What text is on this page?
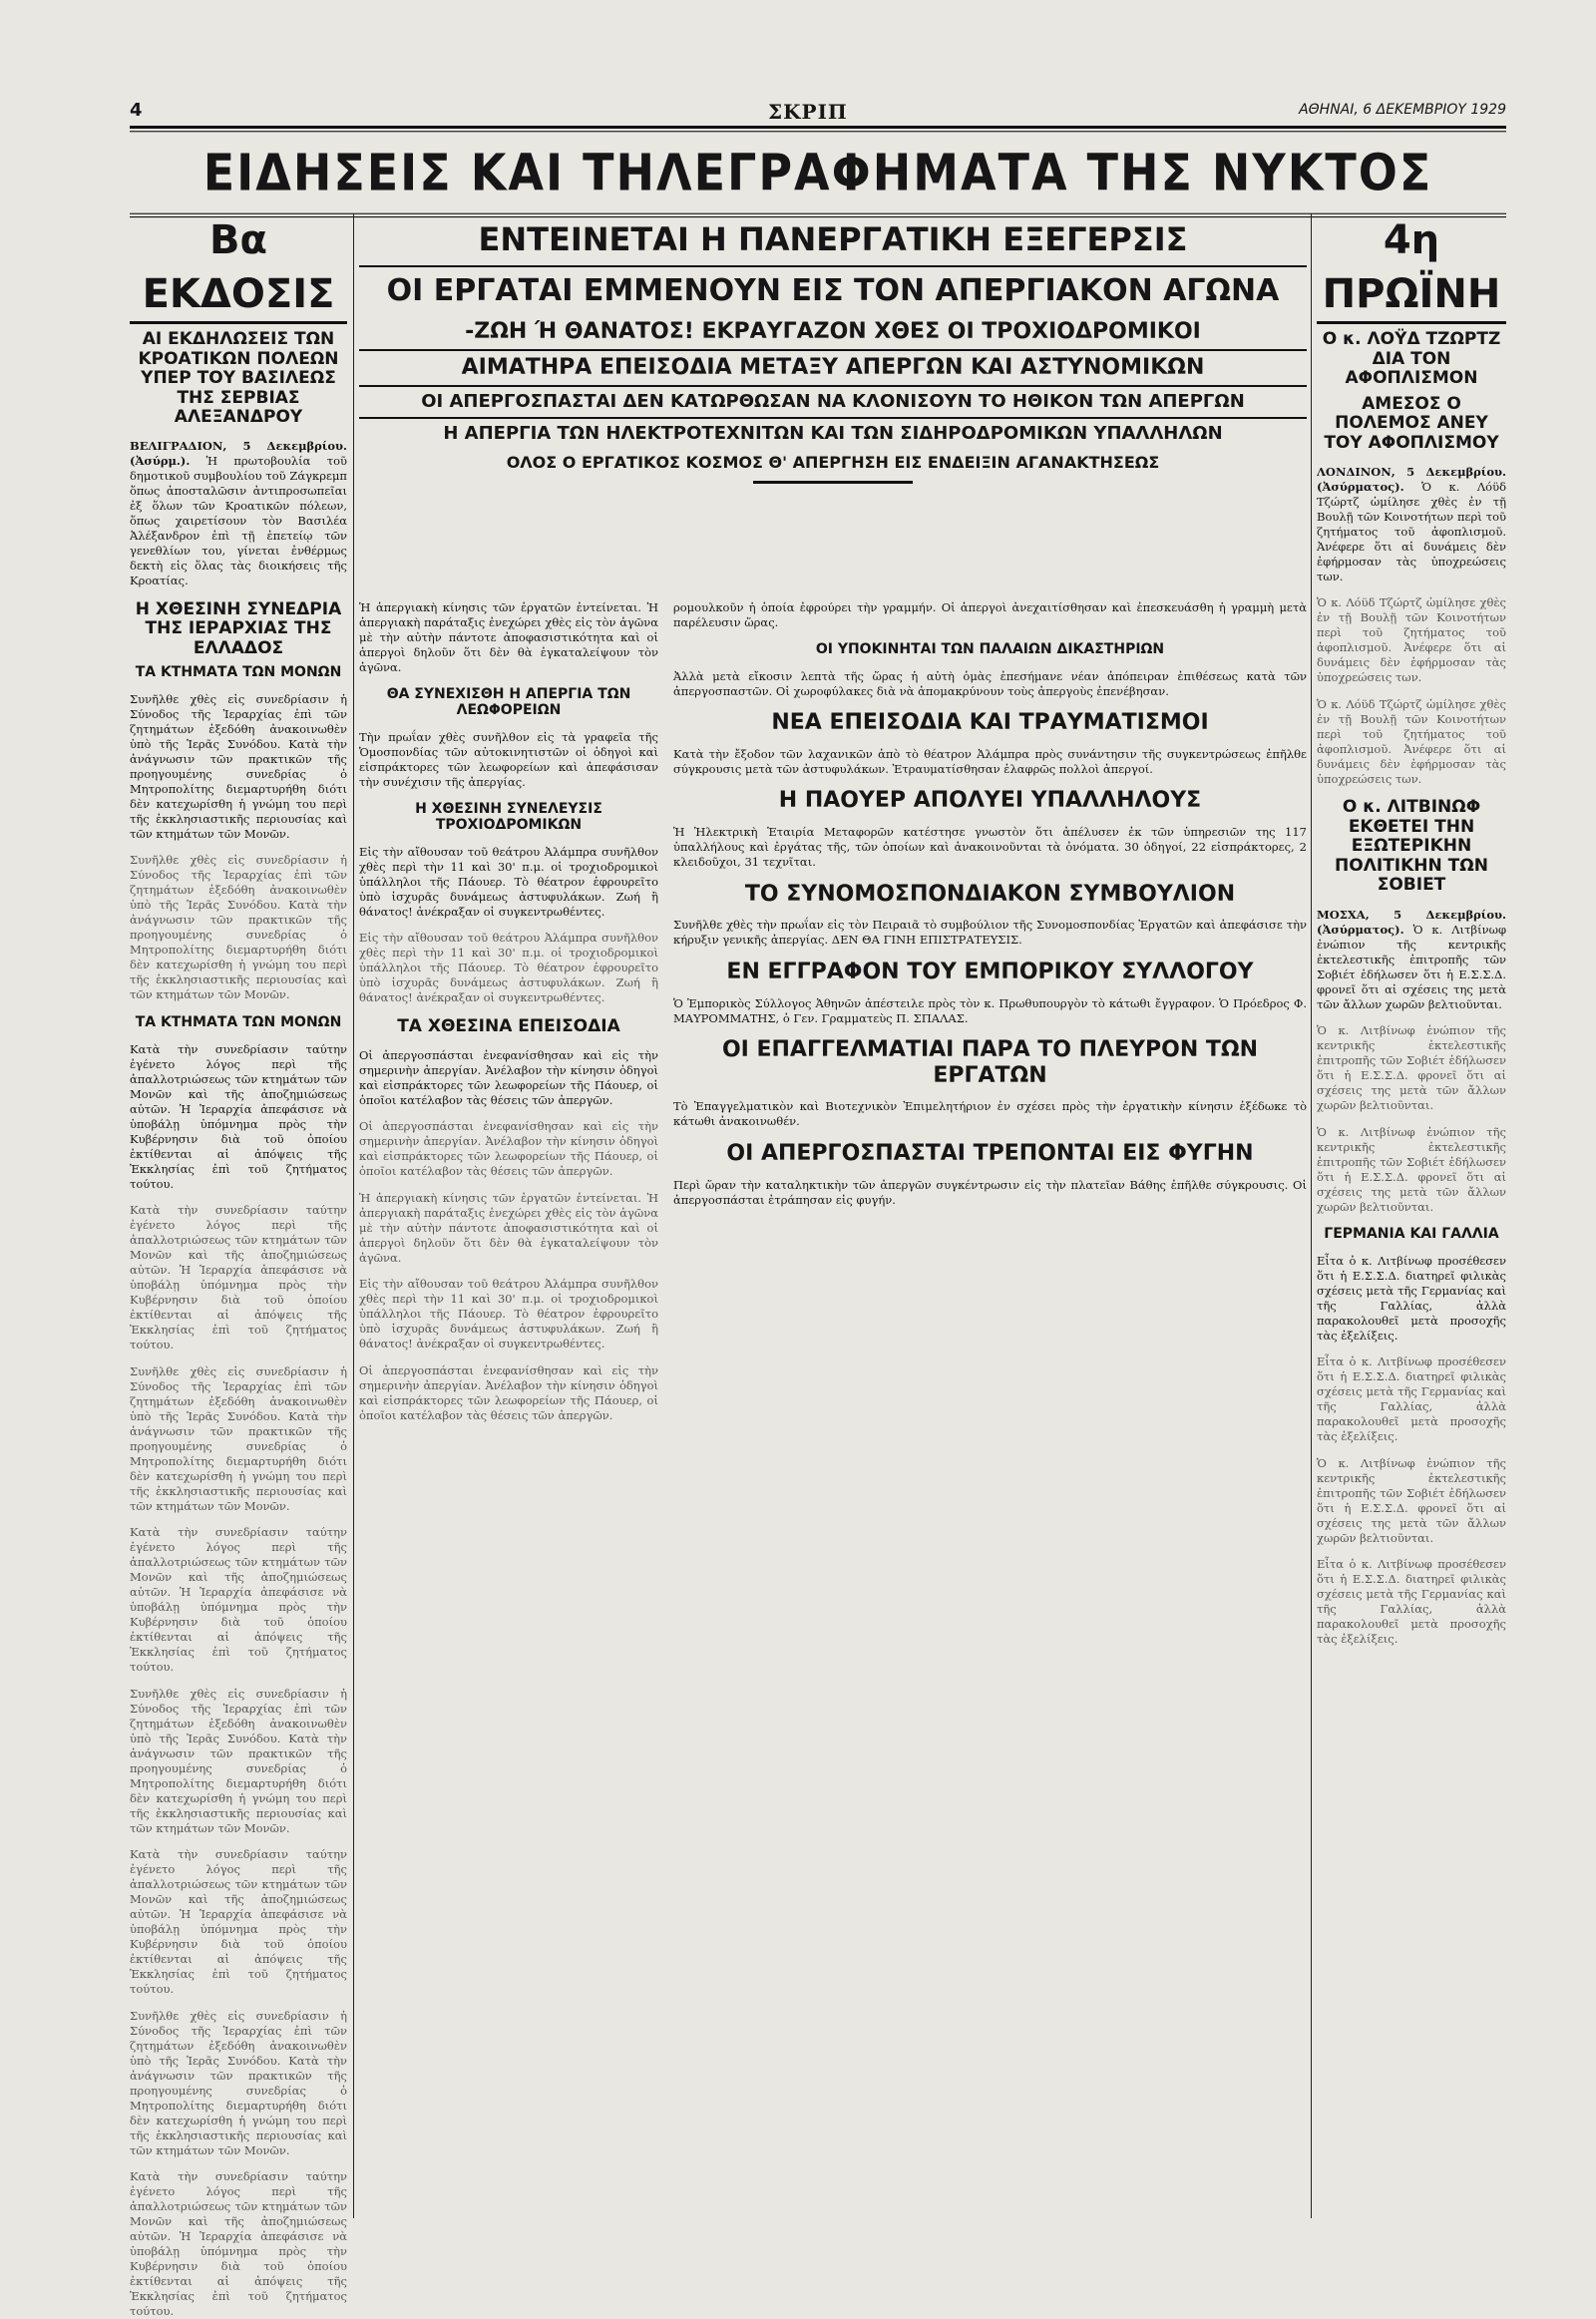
4	ΣΚΡΙΠ	ΑΘΗΝΑΙ, 6 ΔΕΚΕΜΒΡΙΟΥ 1929
ΕΙΔΗΣΕΙΣ ΚΑΙ ΤΗΛΕΓΡΑΦΗΜΑΤΑ ΤΗΣ ΝΥΚΤΟΣ
Βα ΕΚΔΟΣΙΣ
ΑΙ ΕΚΔΗΛΩΣΕΙΣ ΤΩΝ ΚΡΟΑΤΙΚΩΝ ΠΟΛΕΩΝ ΥΠΕΡ ΤΟΥ ΒΑΣΙΛΕΩΣ ΤΗΣ ΣΕΡΒΙΑΣ ΑΛΕΞΑΝΔΡΟΥ

ΒΕΛΙΓΡΑΔΙΟΝ, 5 Δεκεμβρίου. (Ἀσύρμ.). Ἡ πρωτοβουλία τοῦ δημοτικοῦ συμβουλίου τοῦ Ζάγκρεμπ ὅπως ἀποσταλῶσιν ἀντιπροσωπεῖαι ἐξ ὅλων τῶν Κροατικῶν πόλεων, ὅπως χαιρετίσουν τὸν Βασιλέα Ἀλέξανδρον ἐπὶ τῇ ἐπετείῳ τῶν γενεθλίων του, γίνεται ἐνθέρμως δεκτὴ εἰς ὅλας τὰς διοικήσεις τῆς Κροατίας.

Η ΧΘΕΣΙΝΗ ΣΥΝΕΔΡΙΑ ΤΗΣ ΙΕΡΑΡΧΙΑΣ ΤΗΣ ΕΛΛΑΔΟΣ
ΤΑ ΚΤΗΜΑΤΑ ΤΩΝ ΜΟΝΩΝ

Συνῆλθε χθὲς εἰς συνεδρίασιν ἡ Σύνοδος τῆς Ἱεραρχίας ἐπὶ τῶν ζητημάτων ἐξεδόθη ἀνακοινωθὲν ὑπὸ τῆς Ἱερᾶς Συνόδου. Κατὰ τὴν ἀνάγνωσιν τῶν πρακτικῶν τῆς προηγουμένης συνεδρίας ὁ Μητροπολίτης διεμαρτυρήθη διότι δὲν κατεχωρίσθη ἡ γνώμη του περὶ τῆς ἐκκλησιαστικῆς περιουσίας καὶ τῶν κτημάτων τῶν Μονῶν.

Συνῆλθε χθὲς εἰς συνεδρίασιν ἡ Σύνοδος τῆς Ἱεραρχίας ἐπὶ τῶν ζητημάτων ἐξεδόθη ἀνακοινωθὲν ὑπὸ τῆς Ἱερᾶς Συνόδου. Κατὰ τὴν ἀνάγνωσιν τῶν πρακτικῶν τῆς προηγουμένης συνεδρίας ὁ Μητροπολίτης διεμαρτυρήθη διότι δὲν κατεχωρίσθη ἡ γνώμη του περὶ τῆς ἐκκλησιαστικῆς περιουσίας καὶ τῶν κτημάτων τῶν Μονῶν.

ΤΑ ΚΤΗΜΑΤΑ ΤΩΝ ΜΟΝΩΝ

Κατὰ τὴν συνεδρίασιν ταύτην ἐγένετο λόγος περὶ τῆς ἀπαλλοτριώσεως τῶν κτημάτων τῶν Μονῶν καὶ τῆς ἀποζημιώσεως αὐτῶν. Ἡ Ἱεραρχία ἀπεφάσισε νὰ ὑποβάλῃ ὑπόμνημα πρὸς τὴν Κυβέρνησιν διὰ τοῦ ὁποίου ἐκτίθενται αἱ ἀπόψεις τῆς Ἐκκλησίας ἐπὶ τοῦ ζητήματος τούτου.

Κατὰ τὴν συνεδρίασιν ταύτην ἐγένετο λόγος περὶ τῆς ἀπαλλοτριώσεως τῶν κτημάτων τῶν Μονῶν καὶ τῆς ἀποζημιώσεως αὐτῶν. Ἡ Ἱεραρχία ἀπεφάσισε νὰ ὑποβάλῃ ὑπόμνημα πρὸς τὴν Κυβέρνησιν διὰ τοῦ ὁποίου ἐκτίθενται αἱ ἀπόψεις τῆς Ἐκκλησίας ἐπὶ τοῦ ζητήματος τούτου.

Συνῆλθε χθὲς εἰς συνεδρίασιν ἡ Σύνοδος τῆς Ἱεραρχίας ἐπὶ τῶν ζητημάτων ἐξεδόθη ἀνακοινωθὲν ὑπὸ τῆς Ἱερᾶς Συνόδου. Κατὰ τὴν ἀνάγνωσιν τῶν πρακτικῶν τῆς προηγουμένης συνεδρίας ὁ Μητροπολίτης διεμαρτυρήθη διότι δὲν κατεχωρίσθη ἡ γνώμη του περὶ τῆς ἐκκλησιαστικῆς περιουσίας καὶ τῶν κτημάτων τῶν Μονῶν.

Κατὰ τὴν συνεδρίασιν ταύτην ἐγένετο λόγος περὶ τῆς ἀπαλλοτριώσεως τῶν κτημάτων τῶν Μονῶν καὶ τῆς ἀποζημιώσεως αὐτῶν. Ἡ Ἱεραρχία ἀπεφάσισε νὰ ὑποβάλῃ ὑπόμνημα πρὸς τὴν Κυβέρνησιν διὰ τοῦ ὁποίου ἐκτίθενται αἱ ἀπόψεις τῆς Ἐκκλησίας ἐπὶ τοῦ ζητήματος τούτου.

Συνῆλθε χθὲς εἰς συνεδρίασιν ἡ Σύνοδος τῆς Ἱεραρχίας ἐπὶ τῶν ζητημάτων ἐξεδόθη ἀνακοινωθὲν ὑπὸ τῆς Ἱερᾶς Συνόδου. Κατὰ τὴν ἀνάγνωσιν τῶν πρακτικῶν τῆς προηγουμένης συνεδρίας ὁ Μητροπολίτης διεμαρτυρήθη διότι δὲν κατεχωρίσθη ἡ γνώμη του περὶ τῆς ἐκκλησιαστικῆς περιουσίας καὶ τῶν κτημάτων τῶν Μονῶν.

Κατὰ τὴν συνεδρίασιν ταύτην ἐγένετο λόγος περὶ τῆς ἀπαλλοτριώσεως τῶν κτημάτων τῶν Μονῶν καὶ τῆς ἀποζημιώσεως αὐτῶν. Ἡ Ἱεραρχία ἀπεφάσισε νὰ ὑποβάλῃ ὑπόμνημα πρὸς τὴν Κυβέρνησιν διὰ τοῦ ὁποίου ἐκτίθενται αἱ ἀπόψεις τῆς Ἐκκλησίας ἐπὶ τοῦ ζητήματος τούτου.

Συνῆλθε χθὲς εἰς συνεδρίασιν ἡ Σύνοδος τῆς Ἱεραρχίας ἐπὶ τῶν ζητημάτων ἐξεδόθη ἀνακοινωθὲν ὑπὸ τῆς Ἱερᾶς Συνόδου. Κατὰ τὴν ἀνάγνωσιν τῶν πρακτικῶν τῆς προηγουμένης συνεδρίας ὁ Μητροπολίτης διεμαρτυρήθη διότι δὲν κατεχωρίσθη ἡ γνώμη του περὶ τῆς ἐκκλησιαστικῆς περιουσίας καὶ τῶν κτημάτων τῶν Μονῶν.

Κατὰ τὴν συνεδρίασιν ταύτην ἐγένετο λόγος περὶ τῆς ἀπαλλοτριώσεως τῶν κτημάτων τῶν Μονῶν καὶ τῆς ἀποζημιώσεως αὐτῶν. Ἡ Ἱεραρχία ἀπεφάσισε νὰ ὑποβάλῃ ὑπόμνημα πρὸς τὴν Κυβέρνησιν διὰ τοῦ ὁποίου ἐκτίθενται αἱ ἀπόψεις τῆς Ἐκκλησίας ἐπὶ τοῦ ζητήματος τούτου.

ΕΝΤΕΙΝΕΤΑΙ Η ΠΑΝΕΡΓΑΤΙΚΗ ΕΞΕΓΕΡΣΙΣ
ΟΙ ΕΡΓΑΤΑΙ ΕΜΜΕΝΟΥΝ ΕΙΣ ΤΟΝ ΑΠΕΡΓΙΑΚΟΝ ΑΓΩΝΑ
-ΖΩΗ Ή ΘΑΝΑΤΟΣ! ΕΚΡΑΥΓΑΖΟΝ ΧΘΕΣ ΟΙ ΤΡΟΧΙΟΔΡΟΜΙΚΟΙ
ΑΙΜΑΤΗΡΑ ΕΠΕΙΣΟΔΙΑ ΜΕΤΑΞΥ ΑΠΕΡΓΩΝ ΚΑΙ ΑΣΤΥΝΟΜΙΚΩΝ
ΟΙ ΑΠΕΡΓΟΣΠΑΣΤΑΙ ΔΕΝ ΚΑΤΩΡΘΩΣΑΝ ΝΑ ΚΛΟΝΙΣΟΥΝ ΤΟ ΗΘΙΚΟΝ ΤΩΝ ΑΠΕΡΓΩΝ
Η ΑΠΕΡΓΙΑ ΤΩΝ ΗΛΕΚΤΡΟΤΕΧΝΙΤΩΝ ΚΑΙ ΤΩΝ ΣΙΔΗΡΟΔΡΟΜΙΚΩΝ ΥΠΑΛΛΗΛΩΝ
ΟΛΟΣ Ο ΕΡΓΑΤΙΚΟΣ ΚΟΣΜΟΣ Θ' ΑΠΕΡΓΗΣΗ ΕΙΣ ΕΝΔΕΙΞΙΝ ΑΓΑΝΑΚΤΗΣΕΩΣ

Ἡ ἀπεργιακὴ κίνησις τῶν ἐργατῶν ἐντείνεται. Ἡ ἀπεργιακὴ παράταξις ἐνεχώρει χθὲς εἰς τὸν ἀγῶνα μὲ τὴν αὐτὴν πάντοτε ἀποφασιστικότητα καὶ οἱ ἀπεργοὶ δηλοῦν ὅτι δὲν θὰ ἐγκαταλείψουν τὸν ἀγῶνα.

ΘΑ ΣΥΝΕΧΙΣΘΗ Η ΑΠΕΡΓΙΑ ΤΩΝ ΛΕΩΦΟΡΕΙΩΝ

Τὴν πρωΐαν χθὲς συνῆλθον εἰς τὰ γραφεῖα τῆς Ὁμοσπονδίας τῶν αὐτοκινητιστῶν οἱ ὁδηγοὶ καὶ εἰσπράκτορες τῶν λεωφορείων καὶ ἀπεφάσισαν τὴν συνέχισιν τῆς ἀπεργίας.

Η ΧΘΕΣΙΝΗ ΣΥΝΕΛΕΥΣΙΣ ΤΡΟΧΙΟΔΡΟΜΙΚΩΝ

Εἰς τὴν αἴθουσαν τοῦ θεάτρου Ἀλάμπρα συνῆλθον χθὲς περὶ τὴν 11 καὶ 30' π.μ. οἱ τροχιοδρομικοὶ ὑπάλληλοι τῆς Πάουερ. Τὸ θέατρον ἐφρουρεῖτο ὑπὸ ἰσχυρᾶς δυνάμεως ἀστυφυλάκων. Ζωή ἢ θάνατος! ἀνέκραξαν οἱ συγκεντρωθέντες.

Εἰς τὴν αἴθουσαν τοῦ θεάτρου Ἀλάμπρα συνῆλθον χθὲς περὶ τὴν 11 καὶ 30' π.μ. οἱ τροχιοδρομικοὶ ὑπάλληλοι τῆς Πάουερ. Τὸ θέατρον ἐφρουρεῖτο ὑπὸ ἰσχυρᾶς δυνάμεως ἀστυφυλάκων. Ζωή ἢ θάνατος! ἀνέκραξαν οἱ συγκεντρωθέντες.

ΤΑ ΧΘΕΣΙΝΑ ΕΠΕΙΣΟΔΙΑ

Οἱ ἀπεργοσπάσται ἐνεφανίσθησαν καὶ εἰς τὴν σημερινὴν ἀπεργίαν. Ἀνέλαβον τὴν κίνησιν ὁδηγοὶ καὶ εἰσπράκτορες τῶν λεωφορείων τῆς Πάουερ, οἱ ὁποῖοι κατέλαβον τὰς θέσεις τῶν ἀπεργῶν.

Οἱ ἀπεργοσπάσται ἐνεφανίσθησαν καὶ εἰς τὴν σημερινὴν ἀπεργίαν. Ἀνέλαβον τὴν κίνησιν ὁδηγοὶ καὶ εἰσπράκτορες τῶν λεωφορείων τῆς Πάουερ, οἱ ὁποῖοι κατέλαβον τὰς θέσεις τῶν ἀπεργῶν.

Ἡ ἀπεργιακὴ κίνησις τῶν ἐργατῶν ἐντείνεται. Ἡ ἀπεργιακὴ παράταξις ἐνεχώρει χθὲς εἰς τὸν ἀγῶνα μὲ τὴν αὐτὴν πάντοτε ἀποφασιστικότητα καὶ οἱ ἀπεργοὶ δηλοῦν ὅτι δὲν θὰ ἐγκαταλείψουν τὸν ἀγῶνα.

Εἰς τὴν αἴθουσαν τοῦ θεάτρου Ἀλάμπρα συνῆλθον χθὲς περὶ τὴν 11 καὶ 30' π.μ. οἱ τροχιοδρομικοὶ ὑπάλληλοι τῆς Πάουερ. Τὸ θέατρον ἐφρουρεῖτο ὑπὸ ἰσχυρᾶς δυνάμεως ἀστυφυλάκων. Ζωή ἢ θάνατος! ἀνέκραξαν οἱ συγκεντρωθέντες.

Οἱ ἀπεργοσπάσται ἐνεφανίσθησαν καὶ εἰς τὴν σημερινὴν ἀπεργίαν. Ἀνέλαβον τὴν κίνησιν ὁδηγοὶ καὶ εἰσπράκτορες τῶν λεωφορείων τῆς Πάουερ, οἱ ὁποῖοι κατέλαβον τὰς θέσεις τῶν ἀπεργῶν.

ρομουλκοῦν ἡ ὁποία ἐφρούρει τὴν γραμμήν. Οἱ ἀπεργοὶ ἀνεχαιτίσθησαν καὶ ἐπεσκευάσθη ἡ γραμμὴ μετὰ παρέλευσιν ὥρας.

ΟΙ ΥΠΟΚΙΝΗΤΑΙ ΤΩΝ ΠΑΛΑΙΩΝ ΔΙΚΑΣΤΗΡΙΩΝ

Ἀλλὰ μετὰ εἴκοσιν λεπτὰ τῆς ὥρας ἡ αὐτὴ ὁμὰς ἐπεσήμανε νέαν ἀπόπειραν ἐπιθέσεως κατὰ τῶν ἀπεργοσπαστῶν. Οἱ χωροφύλακες διὰ νὰ ἀπομακρύνουν τοὺς ἀπεργοὺς ἐπενέβησαν.

ΝΕΑ ΕΠΕΙΣΟΔΙΑ ΚΑΙ ΤΡΑΥΜΑΤΙΣΜΟΙ

Κατὰ τὴν ἔξοδον τῶν λαχανικῶν ἀπὸ τὸ θέατρον Ἀλάμπρα πρὸς συνάντησιν τῆς συγκεντρώσεως ἐπῆλθε σύγκρουσις μετὰ τῶν ἀστυφυλάκων. Ἐτραυματίσθησαν ἐλαφρῶς πολλοὶ ἀπεργοί.

Η ΠΑΟΥΕΡ ΑΠΟΛΥΕΙ ΥΠΑΛΛΗΛΟΥΣ

Ἡ Ἠλεκτρικὴ Ἑταιρία Μεταφορῶν κατέστησε γνωστὸν ὅτι ἀπέλυσεν ἐκ τῶν ὑπηρεσιῶν της 117 ὑπαλλήλους καὶ ἐργάτας τῆς, τῶν ὁποίων καὶ ἀνακοινοῦνται τὰ ὀνόματα. 30 ὁδηγοί, 22 εἰσπράκτορες, 2 κλειδοῦχοι, 31 τεχνῖται.

ΤΟ ΣΥΝΟΜΟΣΠΟΝΔΙΑΚΟΝ ΣΥΜΒΟΥΛΙΟΝ

Συνῆλθε χθὲς τὴν πρωΐαν εἰς τὸν Πειραιᾶ τὸ συμβούλιον τῆς Συνομοσπονδίας Ἐργατῶν καὶ ἀπεφάσισε τὴν κήρυξιν γενικῆς ἀπεργίας. ΔΕΝ ΘΑ ΓΙΝΗ ΕΠΙΣΤΡΑΤΕΥΣΙΣ.

ΕΝ ΕΓΓΡΑΦΟΝ ΤΟΥ ΕΜΠΟΡΙΚΟΥ ΣΥΛΛΟΓΟΥ

Ὁ Ἐμπορικὸς Σύλλογος Ἀθηνῶν ἀπέστειλε πρὸς τὸν κ. Πρωθυπουργὸν τὸ κάτωθι ἔγγραφον. Ὁ Πρόεδρος Φ. ΜΑΥΡΟΜΜΑΤΗΣ, ὁ Γεν. Γραμματεὺς Π. ΣΠΑΛΑΣ.

ΟΙ ΕΠΑΓΓΕΛΜΑΤΙΑΙ ΠΑΡΑ ΤΟ ΠΛΕΥΡΟΝ ΤΩΝ ΕΡΓΑΤΩΝ

Τὸ Ἐπαγγελματικὸν καὶ Βιοτεχνικὸν Ἐπιμελητήριον ἐν σχέσει πρὸς τὴν ἐργατικὴν κίνησιν ἐξέδωκε τὸ κάτωθι ἀνακοινωθέν.

ΟΙ ΑΠΕΡΓΟΣΠΑΣΤΑΙ ΤΡΕΠΟΝΤΑΙ ΕΙΣ ΦΥΓΗΝ

Περὶ ὥραν τὴν καταληκτικὴν τῶν ἀπεργῶν συγκέντρωσιν εἰς τὴν πλατεῖαν Βάθης ἐπῆλθε σύγκρουσις. Οἱ ἀπεργοσπάσται ἐτράπησαν εἰς φυγήν.

4η ΠΡΩΪΝΗ
Ο κ. ΛΟΫΔ ΤΖΩΡΤΖ ΔΙΑ ΤΟΝ ΑΦΟΠΛΙΣΜΟΝ
ΑΜΕΣΟΣ Ο ΠΟΛΕΜΟΣ ΑΝΕΥ ΤΟΥ ΑΦΟΠΛΙΣΜΟΥ

ΛΟΝΔΙΝΟΝ, 5 Δεκεμβρίου. (Ἀσύρματος). Ὁ κ. Λόϋδ Τζώρτζ ὡμίλησε χθὲς ἐν τῇ Βουλῇ τῶν Κοινοτήτων περὶ τοῦ ζητήματος τοῦ ἀφοπλισμοῦ. Ἀνέφερε ὅτι αἱ δυνάμεις δὲν ἐφήρμοσαν τὰς ὑποχρεώσεις των.

Ὁ κ. Λόϋδ Τζώρτζ ὡμίλησε χθὲς ἐν τῇ Βουλῇ τῶν Κοινοτήτων περὶ τοῦ ζητήματος τοῦ ἀφοπλισμοῦ. Ἀνέφερε ὅτι αἱ δυνάμεις δὲν ἐφήρμοσαν τὰς ὑποχρεώσεις των.

Ὁ κ. Λόϋδ Τζώρτζ ὡμίλησε χθὲς ἐν τῇ Βουλῇ τῶν Κοινοτήτων περὶ τοῦ ζητήματος τοῦ ἀφοπλισμοῦ. Ἀνέφερε ὅτι αἱ δυνάμεις δὲν ἐφήρμοσαν τὰς ὑποχρεώσεις των.

Ο κ. ΛΙΤΒΙΝΩΦ ΕΚΘΕΤΕΙ ΤΗΝ ΕΞΩΤΕΡΙΚΗΝ ΠΟΛΙΤΙΚΗΝ ΤΩΝ ΣΟΒΙΕΤ

ΜΟΣΧΑ, 5 Δεκεμβρίου. (Ἀσύρματος). Ὁ κ. Λιτβίνωφ ἐνώπιον τῆς κεντρικῆς ἐκτελεστικῆς ἐπιτροπῆς τῶν Σοβιέτ ἐδήλωσεν ὅτι ἡ Ε.Σ.Σ.Δ. φρονεῖ ὅτι αἱ σχέσεις της μετὰ τῶν ἄλλων χωρῶν βελτιοῦνται.

Ὁ κ. Λιτβίνωφ ἐνώπιον τῆς κεντρικῆς ἐκτελεστικῆς ἐπιτροπῆς τῶν Σοβιέτ ἐδήλωσεν ὅτι ἡ Ε.Σ.Σ.Δ. φρονεῖ ὅτι αἱ σχέσεις της μετὰ τῶν ἄλλων χωρῶν βελτιοῦνται.

Ὁ κ. Λιτβίνωφ ἐνώπιον τῆς κεντρικῆς ἐκτελεστικῆς ἐπιτροπῆς τῶν Σοβιέτ ἐδήλωσεν ὅτι ἡ Ε.Σ.Σ.Δ. φρονεῖ ὅτι αἱ σχέσεις της μετὰ τῶν ἄλλων χωρῶν βελτιοῦνται.

ΓΕΡΜΑΝΙΑ ΚΑΙ ΓΑΛΛΙΑ

Εἶτα ὁ κ. Λιτβίνωφ προσέθεσεν ὅτι ἡ Ε.Σ.Σ.Δ. διατηρεῖ φιλικὰς σχέσεις μετὰ τῆς Γερμανίας καὶ τῆς Γαλλίας, ἀλλὰ παρακολουθεῖ μετὰ προσοχῆς τὰς ἐξελίξεις.

Εἶτα ὁ κ. Λιτβίνωφ προσέθεσεν ὅτι ἡ Ε.Σ.Σ.Δ. διατηρεῖ φιλικὰς σχέσεις μετὰ τῆς Γερμανίας καὶ τῆς Γαλλίας, ἀλλὰ παρακολουθεῖ μετὰ προσοχῆς τὰς ἐξελίξεις.

Ὁ κ. Λιτβίνωφ ἐνώπιον τῆς κεντρικῆς ἐκτελεστικῆς ἐπιτροπῆς τῶν Σοβιέτ ἐδήλωσεν ὅτι ἡ Ε.Σ.Σ.Δ. φρονεῖ ὅτι αἱ σχέσεις της μετὰ τῶν ἄλλων χωρῶν βελτιοῦνται.

Εἶτα ὁ κ. Λιτβίνωφ προσέθεσεν ὅτι ἡ Ε.Σ.Σ.Δ. διατηρεῖ φιλικὰς σχέσεις μετὰ τῆς Γερμανίας καὶ τῆς Γαλλίας, ἀλλὰ παρακολουθεῖ μετὰ προσοχῆς τὰς ἐξελίξεις.
